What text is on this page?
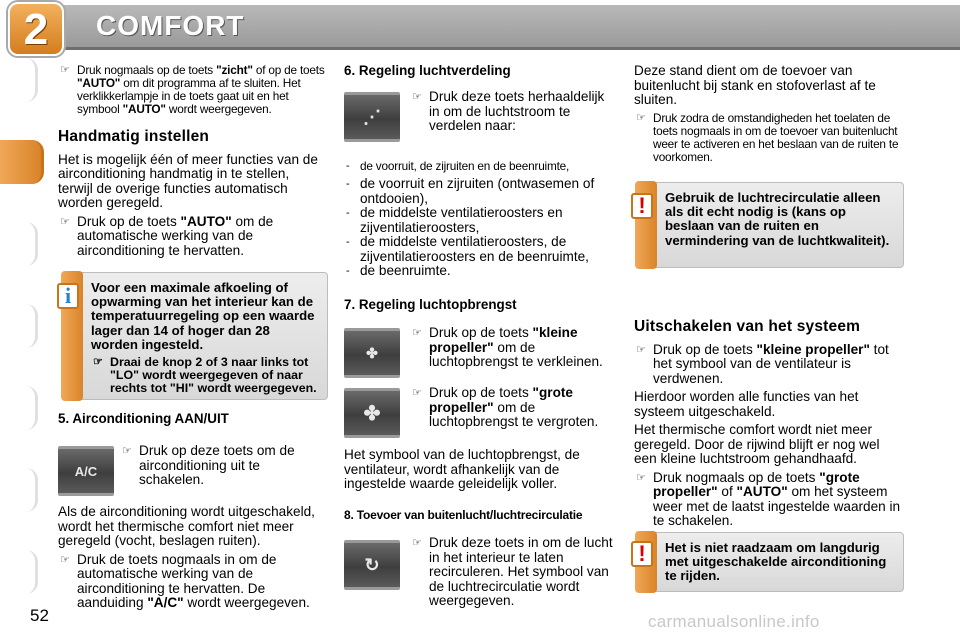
2	COMFORT
☞ Druk nogmaals op de toets "zicht" of op de toets "AUTO" om dit programma af te sluiten. Het verklikkerlampje in de toets gaat uit en het symbool "AUTO" wordt weergegeven.
Handmatig instellen
Het is mogelijk één of meer functies van de airconditioning handmatig in te stellen, terwijl de overige functies automatisch worden geregeld.
☞ Druk op de toets "AUTO" om de automatische werking van de airconditioning te hervatten.
i	Voor een maximale afkoeling of opwarming van het interieur kan de temperatuurregeling op een waarde lager dan 14 of hoger dan 28 worden ingesteld.
☞ Draai de knop 2 of 3 naar links tot "LO" wordt weergegeven of naar rechts tot "HI" wordt weergegeven.
5. Airconditioning AAN/UIT
A/C
☞ Druk op deze toets om de airconditioning uit te schakelen.
Als de airconditioning wordt uitgeschakeld, wordt het thermische comfort niet meer geregeld (vocht, beslagen ruiten).
☞ Druk de toets nogmaals in om de automatische werking van de airconditioning te hervatten. De aanduiding "A/C" wordt weergegeven.
6. Regeling luchtverdeling
⋰
☞ Druk deze toets herhaaldelijk in om de luchtstroom te verdelen naar:
- de voorruit, de zijruiten en de beenruimte,
- de voorruit en zijruiten (ontwasemen of ontdooien),
- de middelste ventilatieroosters en zijventilatieroosters,
- de middelste ventilatieroosters, de zijventilatieroosters en de beenruimte,
- de beenruimte.
7. Regeling luchtopbrengst
✤
☞ Druk op de toets "kleine propeller" om de luchtopbrengst te verkleinen.
✤
☞ Druk op de toets "grote propeller" om de luchtopbrengst te vergroten.
Het symbool van de luchtopbrengst, de ventilateur, wordt afhankelijk van de ingestelde waarde geleidelijk voller.
8. Toevoer van buitenlucht/luchtrecirculatie
↻
☞ Druk deze toets in om de lucht in het interieur te laten recirculeren. Het symbool van de luchtrecirculatie wordt weergegeven.
Deze stand dient om de toevoer van buitenlucht bij stank en stofoverlast af te sluiten.
☞ Druk zodra de omstandigheden het toelaten de toets nogmaals in om de toevoer van buitenlucht weer te activeren en het beslaan van de ruiten te voorkomen.
!	Gebruik de luchtrecirculatie alleen als dit echt nodig is (kans op beslaan van de ruiten en vermindering van de luchtkwaliteit).
Uitschakelen van het systeem
☞ Druk op de toets "kleine propeller" tot het symbool van de ventilateur is verdwenen.
Hierdoor worden alle functies van het systeem uitgeschakeld.
Het thermische comfort wordt niet meer geregeld. Door de rijwind blijft er nog wel een kleine luchtstroom gehandhaafd.
☞ Druk nogmaals op de toets "grote propeller" of "AUTO" om het systeem weer met de laatst ingestelde waarden in te schakelen.
!	Het is niet raadzaam om langdurig met uitgeschakelde airconditioning te rijden.
52	carmanualsonline.info
